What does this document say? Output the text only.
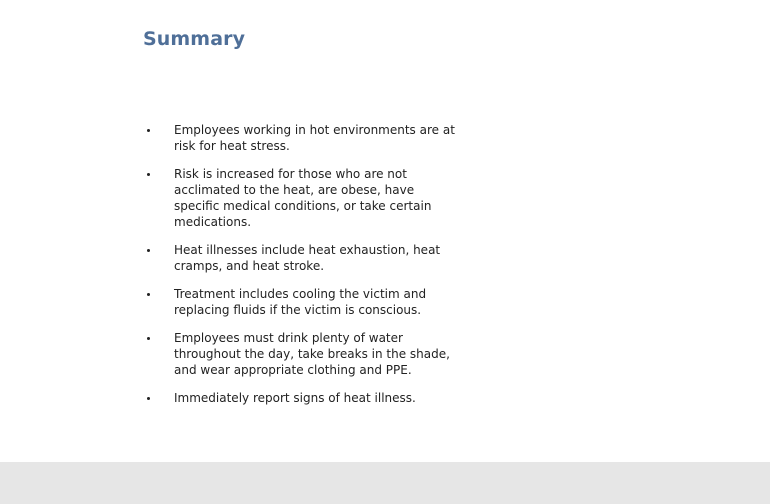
Summary
Employees working in hot environments are at risk for heat stress.
Risk is increased for those who are not acclimated to the heat, are obese, have specific medical conditions, or take certain medications.
Heat illnesses include heat exhaustion, heat cramps, and heat stroke.
Treatment includes cooling the victim and replacing fluids if the victim is conscious.
Employees must drink plenty of water throughout the day, take breaks in the shade, and wear appropriate clothing and PPE.
Immediately report signs of heat illness.
